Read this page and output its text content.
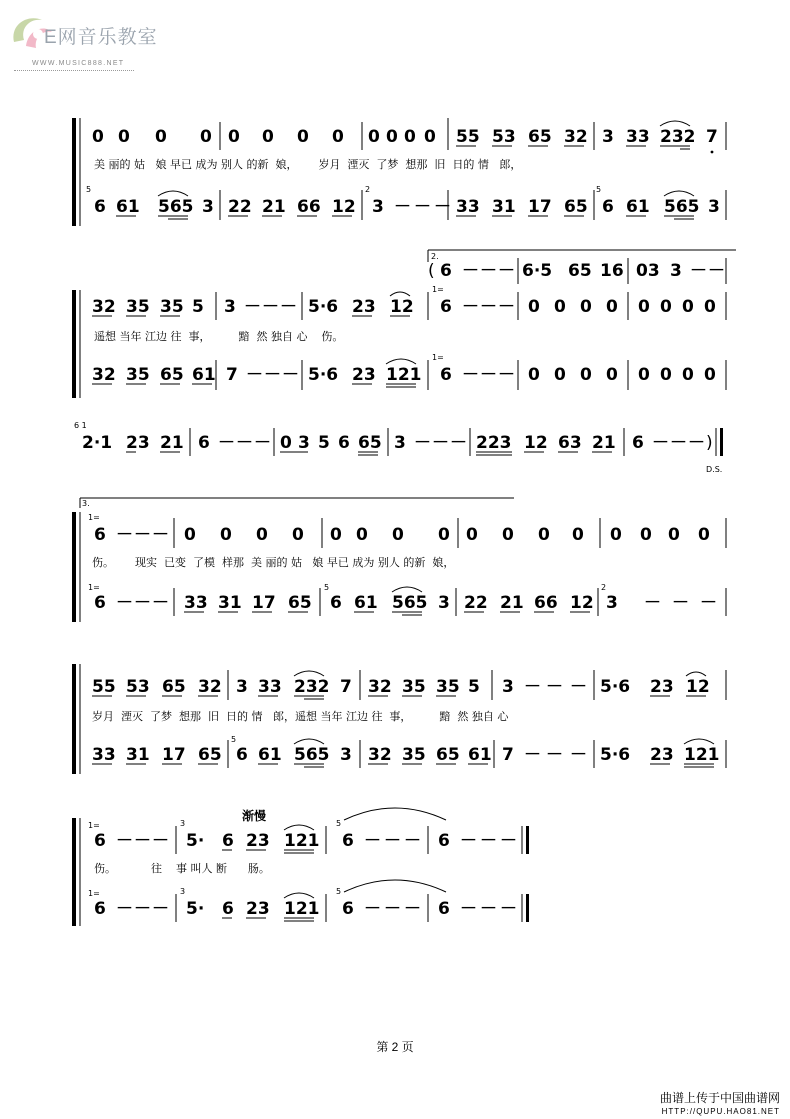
E网音乐教室
WWW.MUSIC888.NET
0 0 0 0 0 0 0 0 0 0 0 0 55 53 65 32 3 33 232 7
美 丽的 姑   娘 早已 成为 别人 的新  娘，      岁月  湮灭  了梦  想那  旧  日的 情   郎，
5
6 61 565 3 22 21 66 12
2
3 － － － 33 31 17 65
5
6 61 565 3
2.
( 6 － － － 6·5 65 16 03 3 － －
32 35 35 5 3 － － － 5·6 23 12
1=
6 － － － 0 0 0 0 0 0 0 0
遥想 当年 江边 往  事，        黯  然 独自 心    伤。
32 35 65 61 7 － － － 5·6 23 121
1=
6 － － － 0 0 0 0 0 0 0 0
6 1
2·1 23 21 6 － － － 0 3 5 6 65 3 － － － 223 12 63 21 6 － － － )
D.S.
3.
1=
6 － － － 0 0 0 0 0 0 0 0 0 0 0 0 0 0 0 0
伤。      现实  已变  了模  样那  美 丽的 姑   娘 早已 成为 别人 的新  娘，
1=
6 － － － 33 31 17 65
5
6 61 565 3 22 21 66 12
2
3 － － －
55 53 65 32 3 33 232 7 32 35 35 5 3 － － － 5·6 23 12
岁月  湮灭  了梦  想那  旧  日的 情   郎，遥想 当年 江边 往  事，        黯  然 独自 心
33 31 17 65
5
6 61 565 3 32 35 65 61 7 － － － 5·6 23 121
渐慢
1=
6 － － －
3
5· 6 23 121
5
6 － － － 6 － － －
伤。          往    事 叫人 断      肠。
1=
6 － － －
3
5· 6 23 121
5
6 － － － 6 － － －
第 2 页
曲谱上传于中国曲谱网
HTTP://QUPU.HAO81.NET
